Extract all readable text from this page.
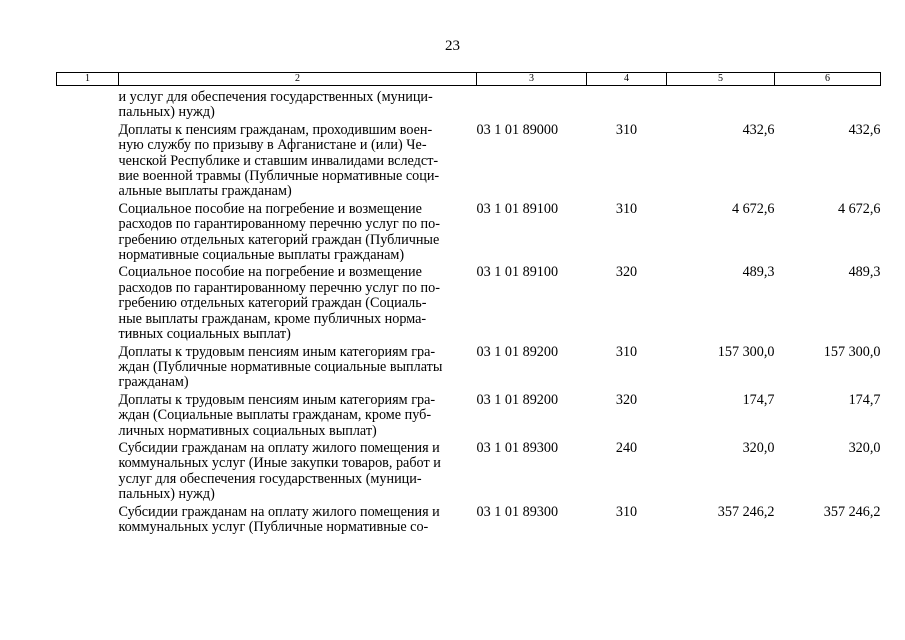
23
1	2	3	4	5	6

	и услуг для обеспечения государственных (муници-
пальных) нужд)				

	Доплаты к пенсиям гражданам, проходившим воен-
ную службу по призыву в Афганистане и (или) Че-
ченской Республике и ставшим инвалидами вследст-
вие военной травмы (Публичные нормативные соци-
альные выплаты гражданам)	03 1 01 89000	310	432,6	432,6

	Социальное пособие на погребение и возмещение
расходов по гарантированному перечню услуг по по-
гребению отдельных категорий граждан (Публичные
нормативные социальные выплаты гражданам)	03 1 01 89100	310	4 672,6	4 672,6

	Социальное пособие на погребение и возмещение
расходов по гарантированному перечню услуг по по-
гребению отдельных категорий граждан (Социаль-
ные выплаты гражданам, кроме публичных норма-
тивных социальных выплат)	03 1 01 89100	320	489,3	489,3

	Доплаты к трудовым пенсиям иным категориям гра-
ждан (Публичные нормативные социальные выплаты
гражданам)	03 1 01 89200	310	157 300,0	157 300,0

	Доплаты к трудовым пенсиям иным категориям гра-
ждан (Социальные выплаты гражданам, кроме пуб-
личных нормативных социальных выплат)	03 1 01 89200	320	174,7	174,7

	Субсидии гражданам на оплату жилого помещения и
коммунальных услуг (Иные закупки товаров, работ и
услуг для обеспечения государственных (муници-
пальных) нужд)	03 1 01 89300	240	320,0	320,0

	Субсидии гражданам на оплату жилого помещения и
коммунальных услуг (Публичные нормативные со-	03 1 01 89300	310	357 246,2	357 246,2
